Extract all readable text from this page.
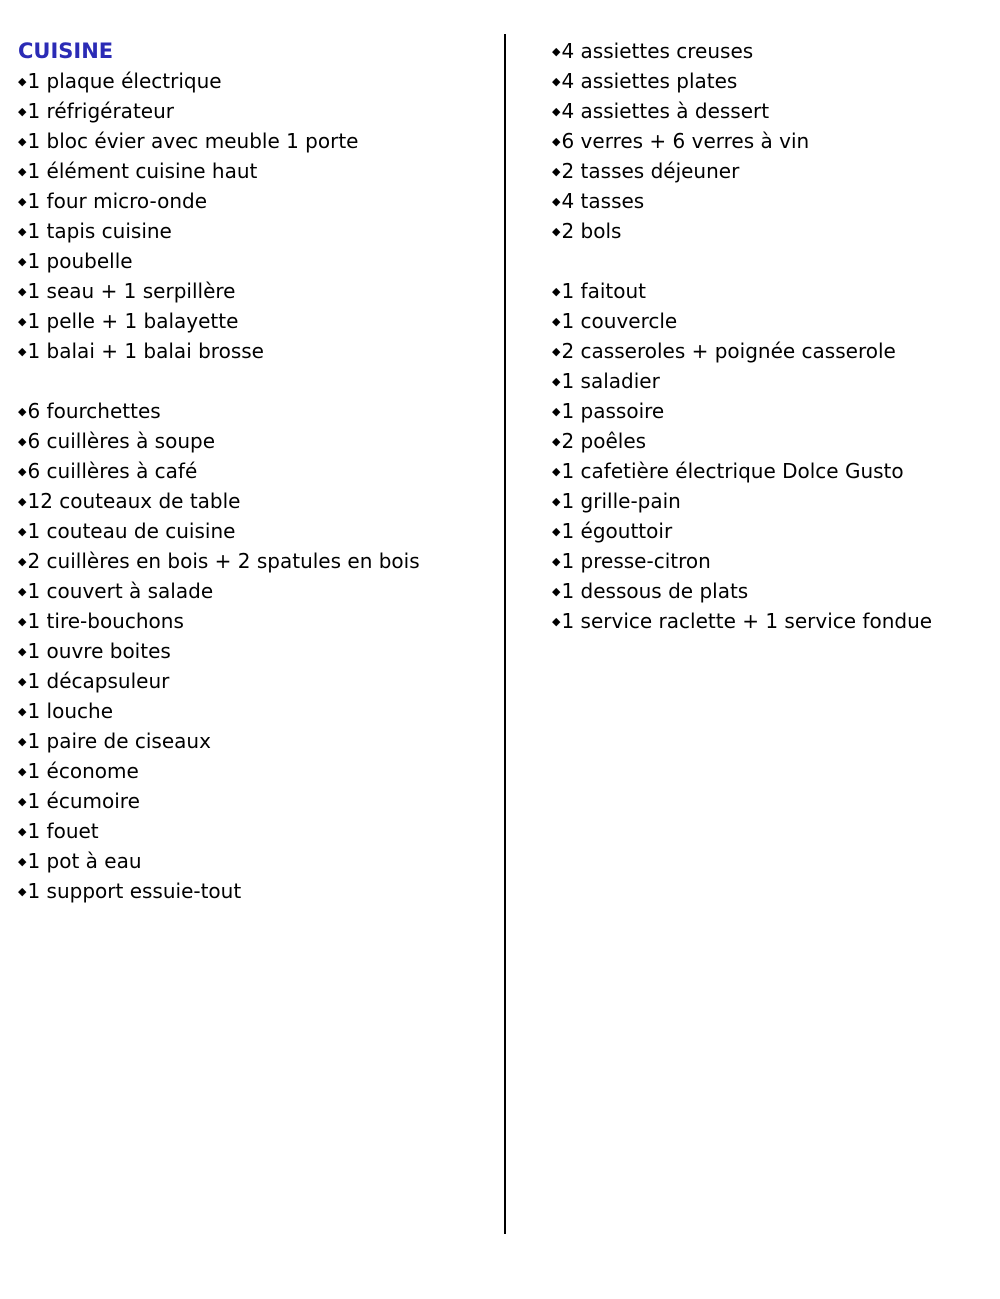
CUISINE
◆1 plaque électrique
◆1 réfrigérateur
◆1 bloc évier avec meuble 1 porte
◆1 élément cuisine haut
◆1 four micro-onde
◆1 tapis cuisine
◆1 poubelle
◆1 seau + 1 serpillère
◆1 pelle + 1 balayette
◆1 balai + 1 balai brosse
◆6 fourchettes
◆6 cuillères à soupe
◆6 cuillères à café
◆12 couteaux de table
◆1 couteau de cuisine
◆2 cuillères en bois + 2 spatules en bois
◆1 couvert à salade
◆1 tire-bouchons
◆1 ouvre boites
◆1 décapsuleur
◆1 louche
◆1 paire de ciseaux
◆1 économe
◆1 écumoire
◆1 fouet
◆1 pot à eau
◆1 support essuie-tout
◆4 assiettes creuses
◆4 assiettes plates
◆4 assiettes à dessert
◆6 verres + 6 verres à vin
◆2 tasses déjeuner
◆4 tasses
◆2 bols
◆1 faitout
◆1 couvercle
◆2 casseroles + poignée casserole
◆1 saladier
◆1 passoire
◆2 poêles
◆1 cafetière électrique Dolce Gusto
◆1 grille-pain
◆1 égouttoir
◆1 presse-citron
◆1 dessous de plats
◆1 service raclette + 1 service fondue
